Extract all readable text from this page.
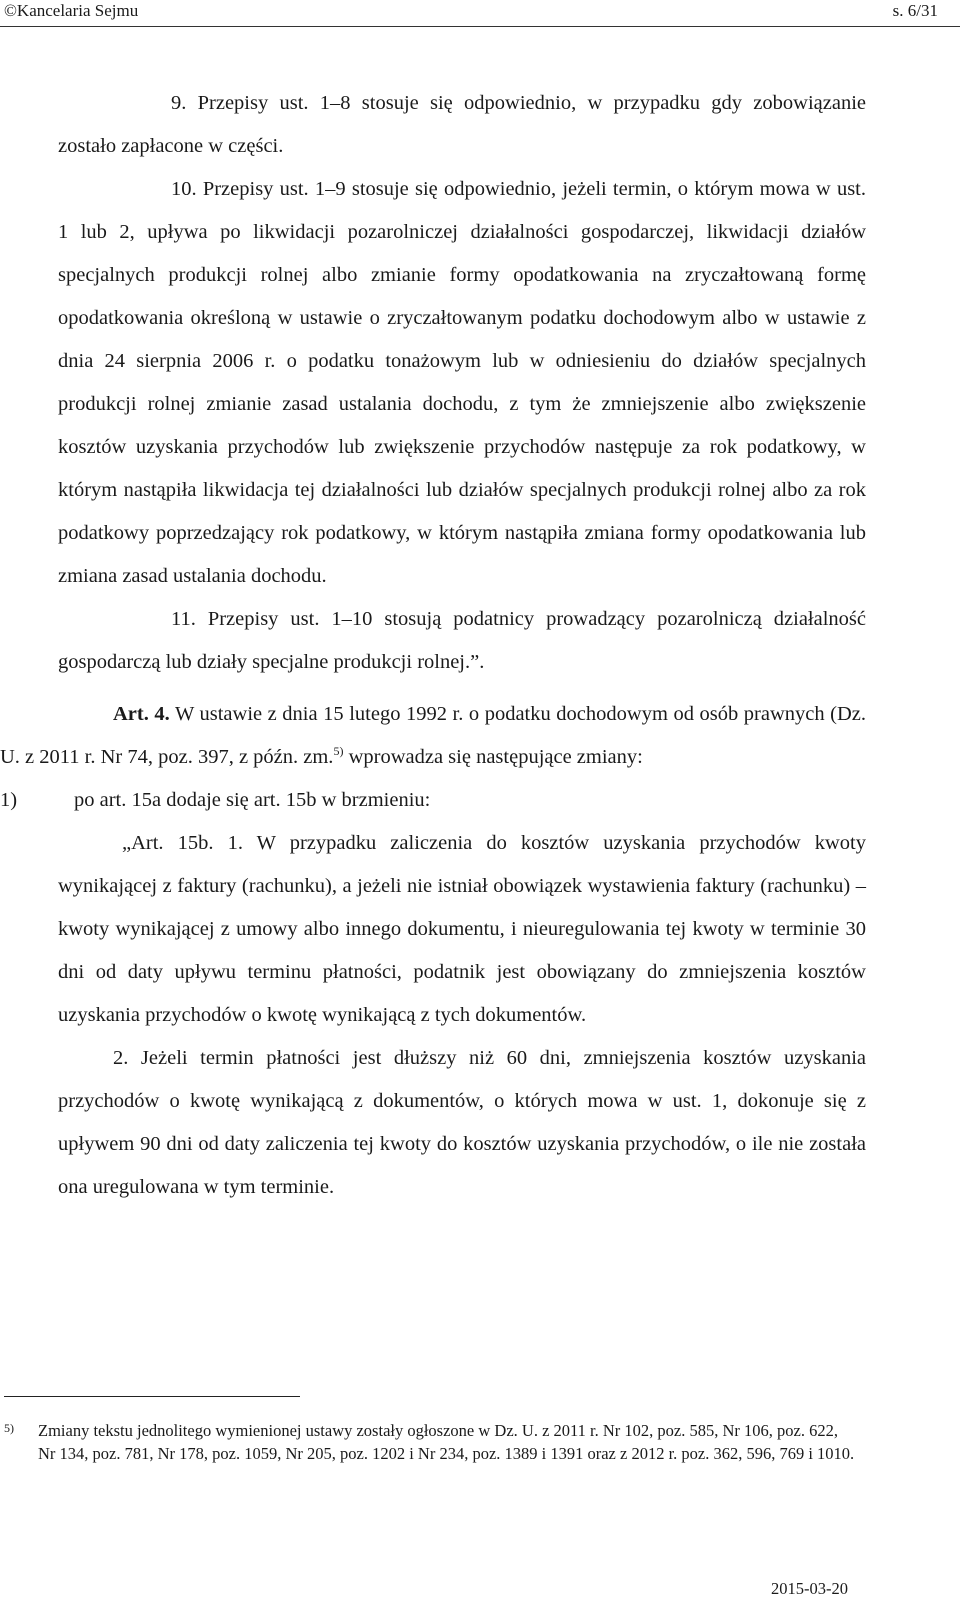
©Kancelaria Sejmu	s. 6/31

9. Przepisy ust. 1–8 stosuje się odpowiednio, w przypadku gdy zobowiązanie zostało zapłacone w części.

10. Przepisy ust. 1–9 stosuje się odpowiednio, jeżeli termin, o którym mowa w ust. 1 lub 2, upływa po likwidacji pozarolniczej działalności gospodarczej, likwidacji działów specjalnych produkcji rolnej albo zmianie formy opodatkowania na zryczałtowaną formę opodatkowania określoną w ustawie o zryczałtowanym podatku dochodowym albo w ustawie z dnia 24 sierpnia 2006 r. o podatku tonażowym lub w odniesieniu do działów specjalnych produkcji rolnej zmianie zasad ustalania dochodu, z tym że zmniejszenie albo zwiększenie kosztów uzyskania przychodów lub zwiększenie przychodów następuje za rok podatkowy, w którym nastąpiła likwidacja tej działalności lub działów specjalnych produkcji rolnej albo za rok podatkowy poprzedzający rok podatkowy, w którym nastąpiła zmiana formy opodatkowania lub zmiana zasad ustalania dochodu.

11. Przepisy ust. 1–10 stosują podatnicy prowadzący pozarolniczą działalność gospodarczą lub działy specjalne produkcji rolnej.”.

Art. 4. W ustawie z dnia 15 lutego 1992 r. o podatku dochodowym od osób prawnych (Dz. U. z 2011 r. Nr 74, poz. 397, z późn. zm.$^{5)}$ wprowadza się następujące zmiany:

1)	po art. 15a dodaje się art. 15b w brzmieniu:

„Art. 15b. 1. W przypadku zaliczenia do kosztów uzyskania przychodów kwoty wynikającej z faktury (rachunku), a jeżeli nie istniał obowiązek wystawienia faktury (rachunku) – kwoty wynikającej z umowy albo innego dokumentu, i nieuregulowania tej kwoty w terminie 30 dni od daty upływu terminu płatności, podatnik jest obowiązany do zmniejszenia kosztów uzyskania przychodów o kwotę wynikającą z tych dokumentów.

2. Jeżeli termin płatności jest dłuższy niż 60 dni, zmniejszenia kosztów uzyskania przychodów o kwotę wynikającą z dokumentów, o których mowa w ust. 1, dokonuje się z upływem 90 dni od daty zaliczenia tej kwoty do kosztów uzyskania przychodów, o ile nie została ona uregulowana w tym terminie.

5)	Zmiany tekstu jednolitego wymienionej ustawy zostały ogłoszone w Dz. U. z 2011 r. Nr 102, poz. 585, Nr 106, poz. 622, Nr 134, poz. 781, Nr 178, poz. 1059, Nr 205, poz. 1202 i Nr 234, poz. 1389 i 1391 oraz z 2012 r. poz. 362, 596, 769 i 1010.
2015-03-20
